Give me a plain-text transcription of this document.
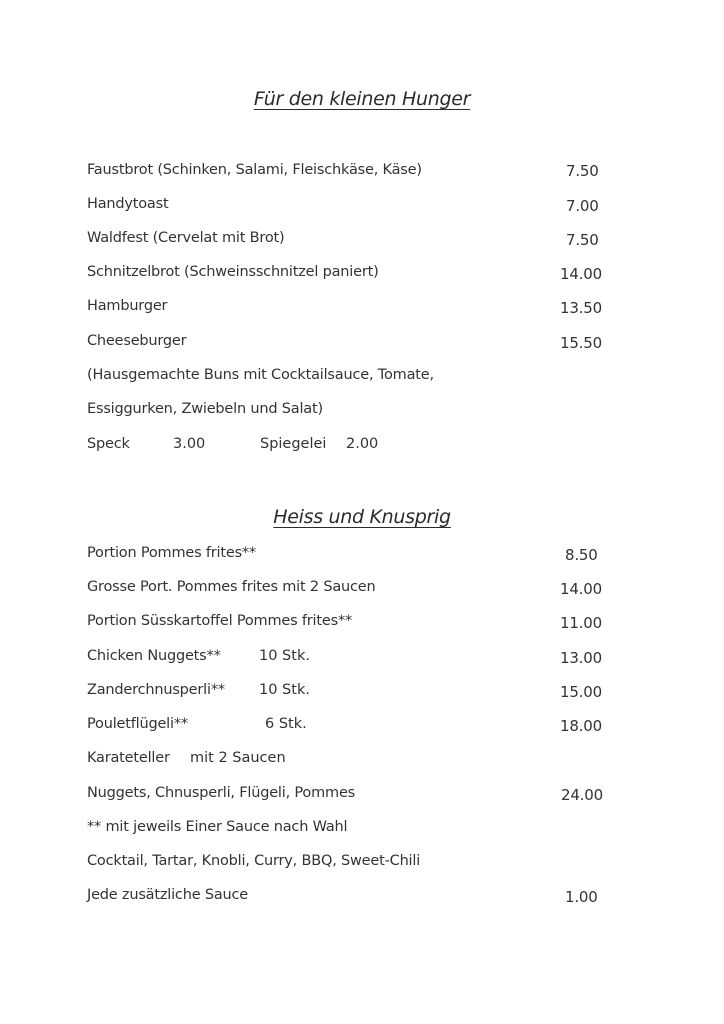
Für den kleinen Hunger
Faustbrot (Schinken, Salami, Fleischkäse, Käse)	7.50
Handytoast	7.00
Waldfest (Cervelat mit Brot)	7.50
Schnitzelbrot (Schweinsschnitzel paniert)	14.00
Hamburger	13.50
Cheeseburger	15.50
(Hausgemachte Buns mit Cocktailsauce, Tomate,
Essiggurken, Zwiebeln und Salat)
Speck	3.00	Spiegelei 2.00
Heiss und Knusprig
Portion Pommes frites**	8.50
Grosse Port. Pommes frites mit 2 Saucen	14.00
Portion Süsskartoffel Pommes frites**	11.00
Chicken Nuggets**	10 Stk.	13.00
Zanderchnusperli** 10 Stk.	15.00
Pouletflügeli**	6 Stk.	18.00
Karateteller mit 2 Saucen
Nuggets, Chnusperli, Flügeli, Pommes	24.00
** mit jeweils Einer Sauce nach Wahl
Cocktail, Tartar, Knobli, Curry, BBQ, Sweet-Chili
Jede zusätzliche Sauce	1.00
